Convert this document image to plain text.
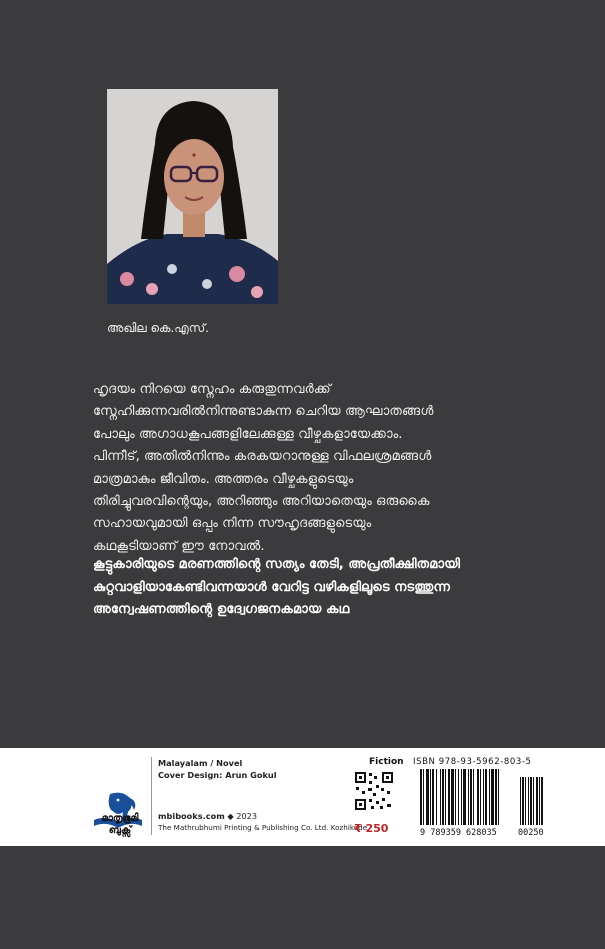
അഖില കെ.എസ്.
ഹൃദയം നിറയെ സ്നേഹം കരുതുന്നവർക്ക്
സ്നേഹിക്കുന്നവരിൽനിന്നുണ്ടാകുന്ന ചെറിയ ആഘാതങ്ങൾ
പോലും അഗാധകൂപങ്ങളിലേക്കുള്ള വീഴ്ചകളായേക്കാം.
പിന്നീട്, അതിൽനിന്നും കരകയറാനുള്ള വിഫലശ്രമങ്ങൾ
മാത്രമാകും ജീവിതം. അത്തരം വീഴ്ചകളുടെയും
തിരിച്ചുവരവിന്റെയും, അറിഞ്ഞും അറിയാതെയും ഒരുകൈ
സഹായവുമായി ഒപ്പം നിന്ന സൗഹൃദങ്ങളുടെയും
കഥകൂടിയാണ് ഈ നോവൽ.
കൂട്ടുകാരിയുടെ മരണത്തിന്റെ സത്യം തേടി, അപ്രതീക്ഷിതമായി
കുറ്റവാളിയാകേണ്ടിവന്നയാൾ വേറിട്ട വഴികളിലൂടെ നടത്തുന്ന
അന്വേഷണത്തിന്റെ ഉദ്വേഗജനകമായ കഥ
മാതൃഭൂമി
ബുക്സ്
Malayalam / Novel
Cover Design: Arun Gokul
mbibooks.com ◆ 2023
The Mathrubhumi Printing & Publishing Co. Ltd. Kozhikode
Fiction
₹ 250
ISBN 978-93-5962-803-5
9 789359 628035	00250
